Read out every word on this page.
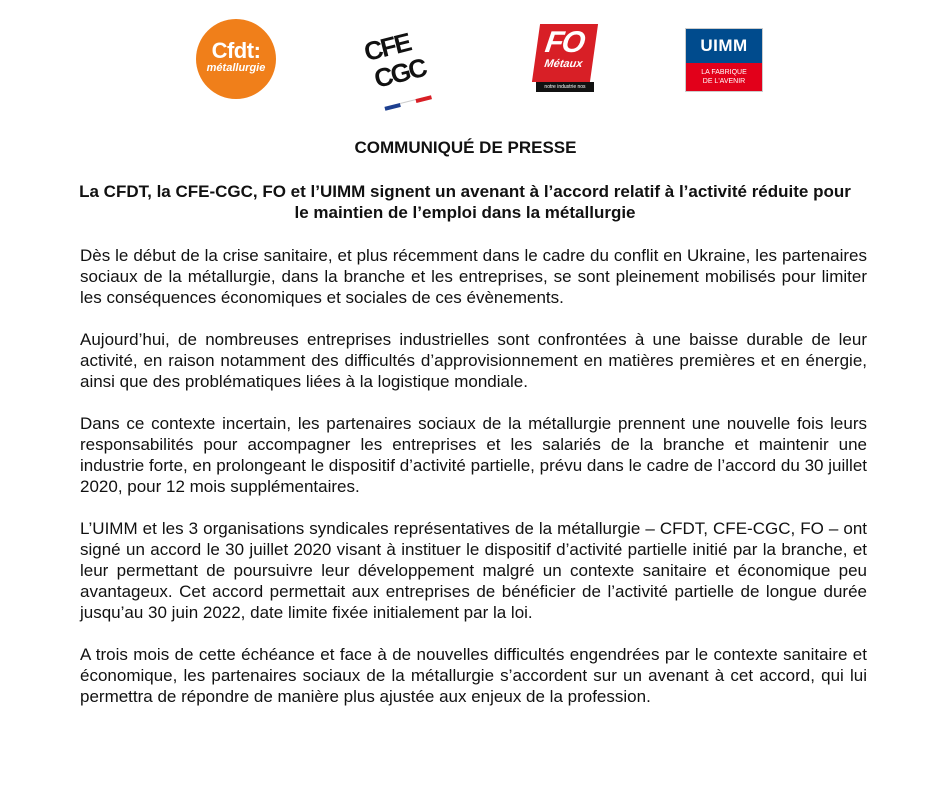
Cfdt:
métallurgie
CFE
CGC
FO
Métaux
notre industrie nos emplois !
UIMM
LA FABRIQUE
DE L'AVENIR
COMMUNIQUÉ DE PRESSE
La CFDT, la CFE-CGC, FO et l’UIMM signent un avenant à l’accord relatif à l’activité réduite pour le maintien de l’emploi dans la métallurgie

Dès le début de la crise sanitaire, et plus récemment dans le cadre du conflit en Ukraine, les partenaires sociaux de la métallurgie, dans la branche et les entreprises, se sont pleinement mobilisés pour limiter les conséquences économiques et sociales de ces évènements.

Aujourd’hui, de nombreuses entreprises industrielles sont confrontées à une baisse durable de leur activité, en raison notamment des difficultés d’approvisionnement en matières premières et en énergie, ainsi que des problématiques liées à la logistique mondiale.

Dans ce contexte incertain, les partenaires sociaux de la métallurgie prennent une nouvelle fois leurs responsabilités pour accompagner les entreprises et les salariés de la branche et maintenir une industrie forte, en prolongeant le dispositif d’activité partielle, prévu dans le cadre de l’accord du 30 juillet 2020, pour 12 mois supplémentaires.

L’UIMM et les 3 organisations syndicales représentatives de la métallurgie – CFDT, CFE-CGC, FO – ont signé un accord le 30 juillet 2020 visant à instituer le dispositif d’activité partielle initié par la branche, et leur permettant de poursuivre leur développement malgré un contexte sanitaire et économique peu avantageux. Cet accord permettait aux entreprises de bénéficier de l’activité partielle de longue durée jusqu’au 30 juin 2022, date limite fixée initialement par la loi.

A trois mois de cette échéance et face à de nouvelles difficultés engendrées par le contexte sanitaire et économique, les partenaires sociaux de la métallurgie s’accordent sur un avenant à cet accord, qui lui permettra de répondre de manière plus ajustée aux enjeux de la profession.
